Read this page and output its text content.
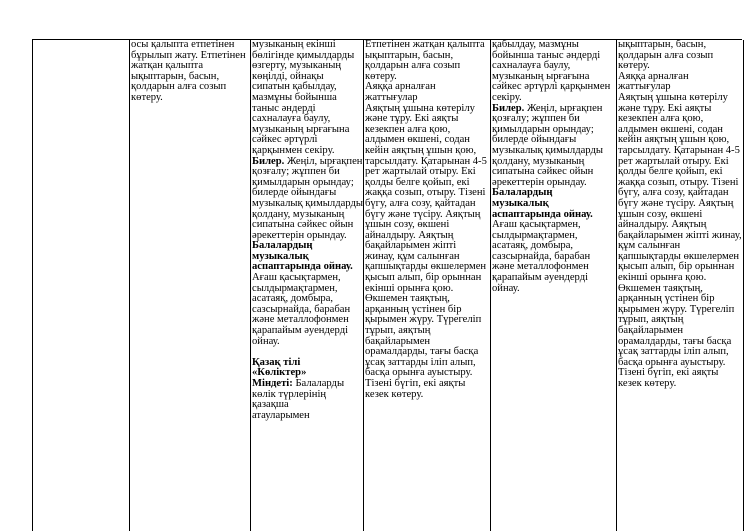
осы қалыпта етпетінен
бұрылып жату. Етпетінен
жатқан қалыпта
ықыптарын, басын,
қолдарын алға созып
көтеру.
музыканың екінші
бөлігінде қимылдарды
өзгерту, музыканың
көңілді, ойнақы
сипатын қабылдау,
мазмұны бойынша
таныс әндерді
сахналауға баулу,
музыканың ырғағына
сәйкес әртүрлі
қарқынмен секіру.
Билер. Жеңіл, ырғақпен
қозғалу; жұппен би
қимылдарын орындау;
билерде ойындағы
музыкалық қимылдарды
қолдану, музыканың
сипатына сәйкес ойын
әрекеттерін орындау.
Балалардың
музыкалық
аспаптарында ойнау.
Ағаш қасықтармен,
сылдырмақтармен,
асатаяқ, домбыра,
сазсырнайда, барабан
және металлофонмен
қарапайым әуендерді
ойнау.
Қазақ тілі
«Көліктер»
Міндеті: Балаларды
көлік түрлерінің
қазақша
атауларымен
Етпетінен жатқан қалыпта
ықыптарын, басын,
қолдарын алға созып
көтеру.
Аяққа арналған
жаттығулар
Аяқтың ұшына көтерілу
және тұру. Екі аяқты
кезекпен алға қою,
алдымен өкшені, содан
кейін аяқтың ұшын қою,
тарсылдату. Қатарынан 4-5
рет жартылай отыру. Екі
қолды белге қойып, екі
жаққа созып, отыру. Тізені
бүгу, алға созу, қайтадан
бүгу және түсіру. Аяқтың
ұшын созу, өкшені
айналдыру. Аяқтың
бақайларымен жіпті
жинау, құм салынған
қапшықтарды өкшелермен
қысып алып, бір орыннан
екінші орынға қою.
Өкшемен таяқтың,
арқанның үстінен бір
қырымен жүру. Түрегеліп
тұрып, аяқтың
бақайларымен
орамалдарды, тағы басқа
ұсақ заттарды іліп алып,
басқа орынға ауыстыру.
Тізені бүгіп, екі аяқты
кезек көтеру.
қабылдау, мазмұны
бойынша таныс әндерді
сахналауға баулу,
музыканың ырғағына
сәйкес әртүрлі қарқынмен
секіру.
Билер. Жеңіл, ырғақпен
қозғалу; жұппен би
қимылдарын орындау;
билерде ойындағы
музыкалық қимылдарды
қолдану, музыканың
сипатына сәйкес ойын
әрекеттерін орындау.
Балалардың
музыкалық
аспаптарында ойнау.
Ағаш қасықтармен,
сылдырмақтармен,
асатаяқ, домбыра,
сазсырнайда, барабан
және металлофонмен
қарапайым әуендерді
ойнау.
ықыптарын, басын,
қолдарын алға созып
көтеру.
Аяққа арналған
жаттығулар
Аяқтың ұшына көтерілу
және тұру. Екі аяқты
кезекпен алға қою,
алдымен өкшені, содан
кейін аяқтың ұшын қою,
тарсылдату. Қатарынан 4-5
рет жартылай отыру. Екі
қолды белге қойып, екі
жаққа созып, отыру. Тізені
бүгу, алға созу, қайтадан
бүгу және түсіру. Аяқтың
ұшын созу, өкшені
айналдыру. Аяқтың
бақайларымен жіпті жинау,
құм салынған
қапшықтарды өкшелермен
қысып алып, бір орыннан
екінші орынға қою.
Өкшемен таяқтың,
арқанның үстінен бір
қырымен жүру. Түрегеліп
тұрып, аяқтың
бақайларымен
орамалдарды, тағы басқа
ұсақ заттарды іліп алып,
басқа орынға ауыстыру.
Тізені бүгіп, екі аяқты
кезек көтеру.
